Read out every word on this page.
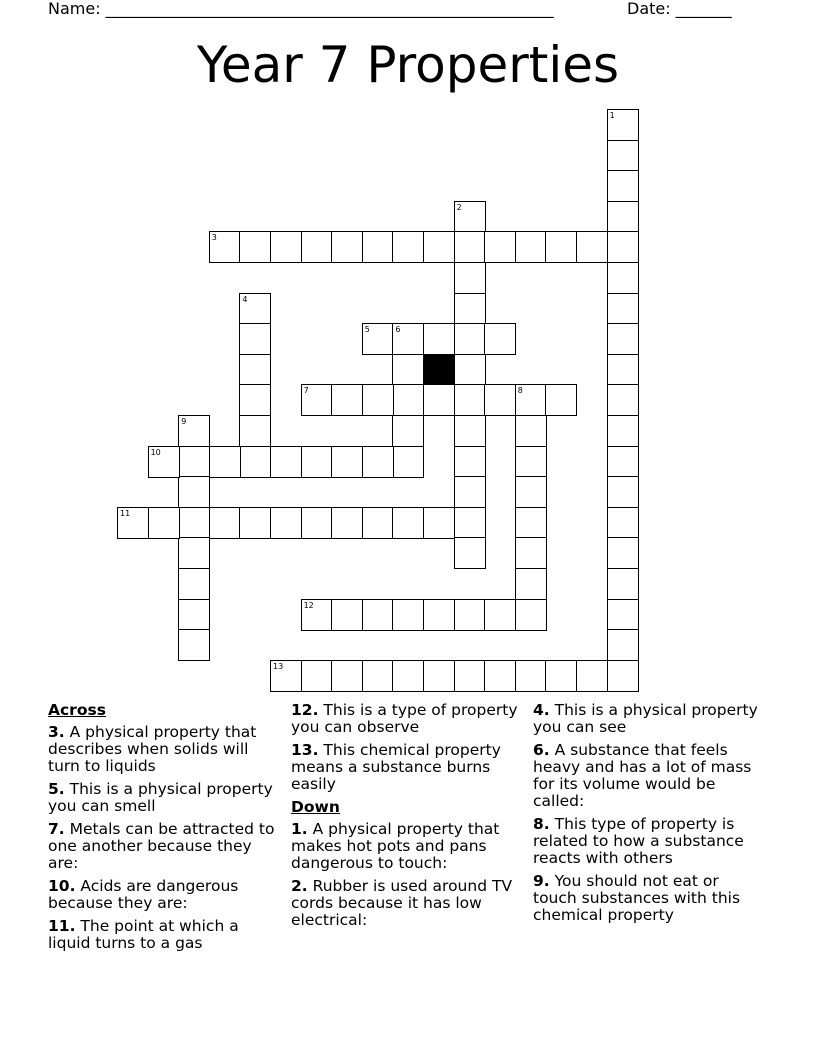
Name: ________________________________________________________	Date: _______
Year 7 Properties
1
2
3
4
5	6
7	8
9
10
11
12
13
Across
3. A physical property that describes when solids will turn to liquids
5. This is a physical property you can smell
7. Metals can be attracted to one another because they are:
10. Acids are dangerous because they are:
11. The point at which a liquid turns to a gas
12. This is a type of property you can observe
13. This chemical property means a substance burns easily
Down
1. A physical property that makes hot pots and pans dangerous to touch:
2. Rubber is used around TV cords because it has low electrical:
4. This is a physical property you can see
6. A substance that feels heavy and has a lot of mass for its volume would be called:
8. This type of property is related to how a substance reacts with others
9. You should not eat or touch substances with this chemical property
